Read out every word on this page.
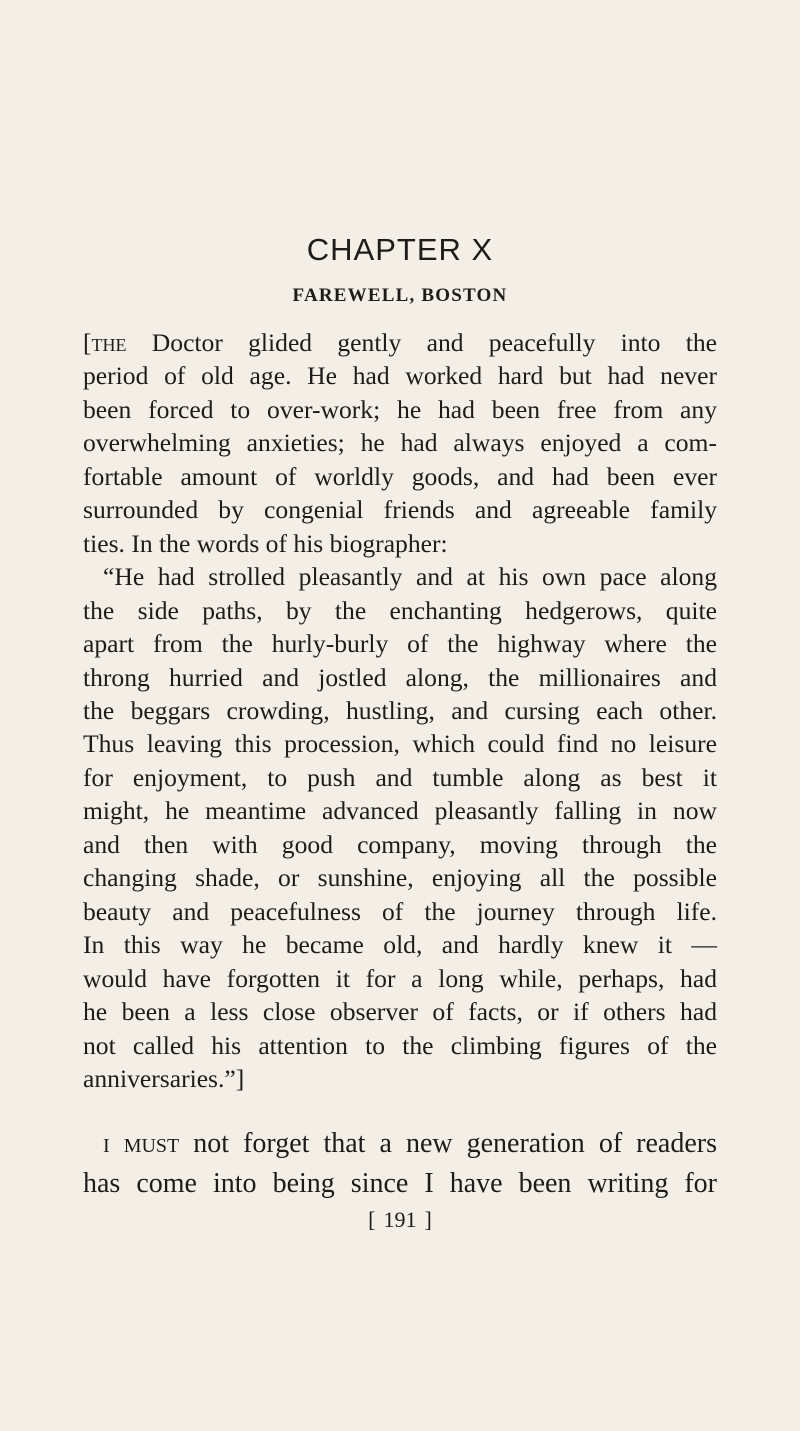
CHAPTER X
FAREWELL, BOSTON
[the Doctor glided gently and peacefully into the
period of old age. He had worked hard but had never
been forced to over-work; he had been free from any
overwhelming anxieties; he had always enjoyed a com-
fortable amount of worldly goods, and had been ever
surrounded by congenial friends and agreeable family
ties. In the words of his biographer:
“He had strolled pleasantly and at his own pace along
the side paths, by the enchanting hedgerows, quite
apart from the hurly-burly of the highway where the
throng hurried and jostled along, the millionaires and
the beggars crowding, hustling, and cursing each other.
Thus leaving this procession, which could find no leisure
for enjoyment, to push and tumble along as best it
might, he meantime advanced pleasantly falling in now
and then with good company, moving through the
changing shade, or sunshine, enjoying all the possible
beauty and peacefulness of the journey through life.
In this way he became old, and hardly knew it —
would have forgotten it for a long while, perhaps, had
he been a less close observer of facts, or if others had
not called his attention to the climbing figures of the
anniversaries.”]
i must not forget that a new generation of readers
has come into being since I have been writing for
[ 191 ]
